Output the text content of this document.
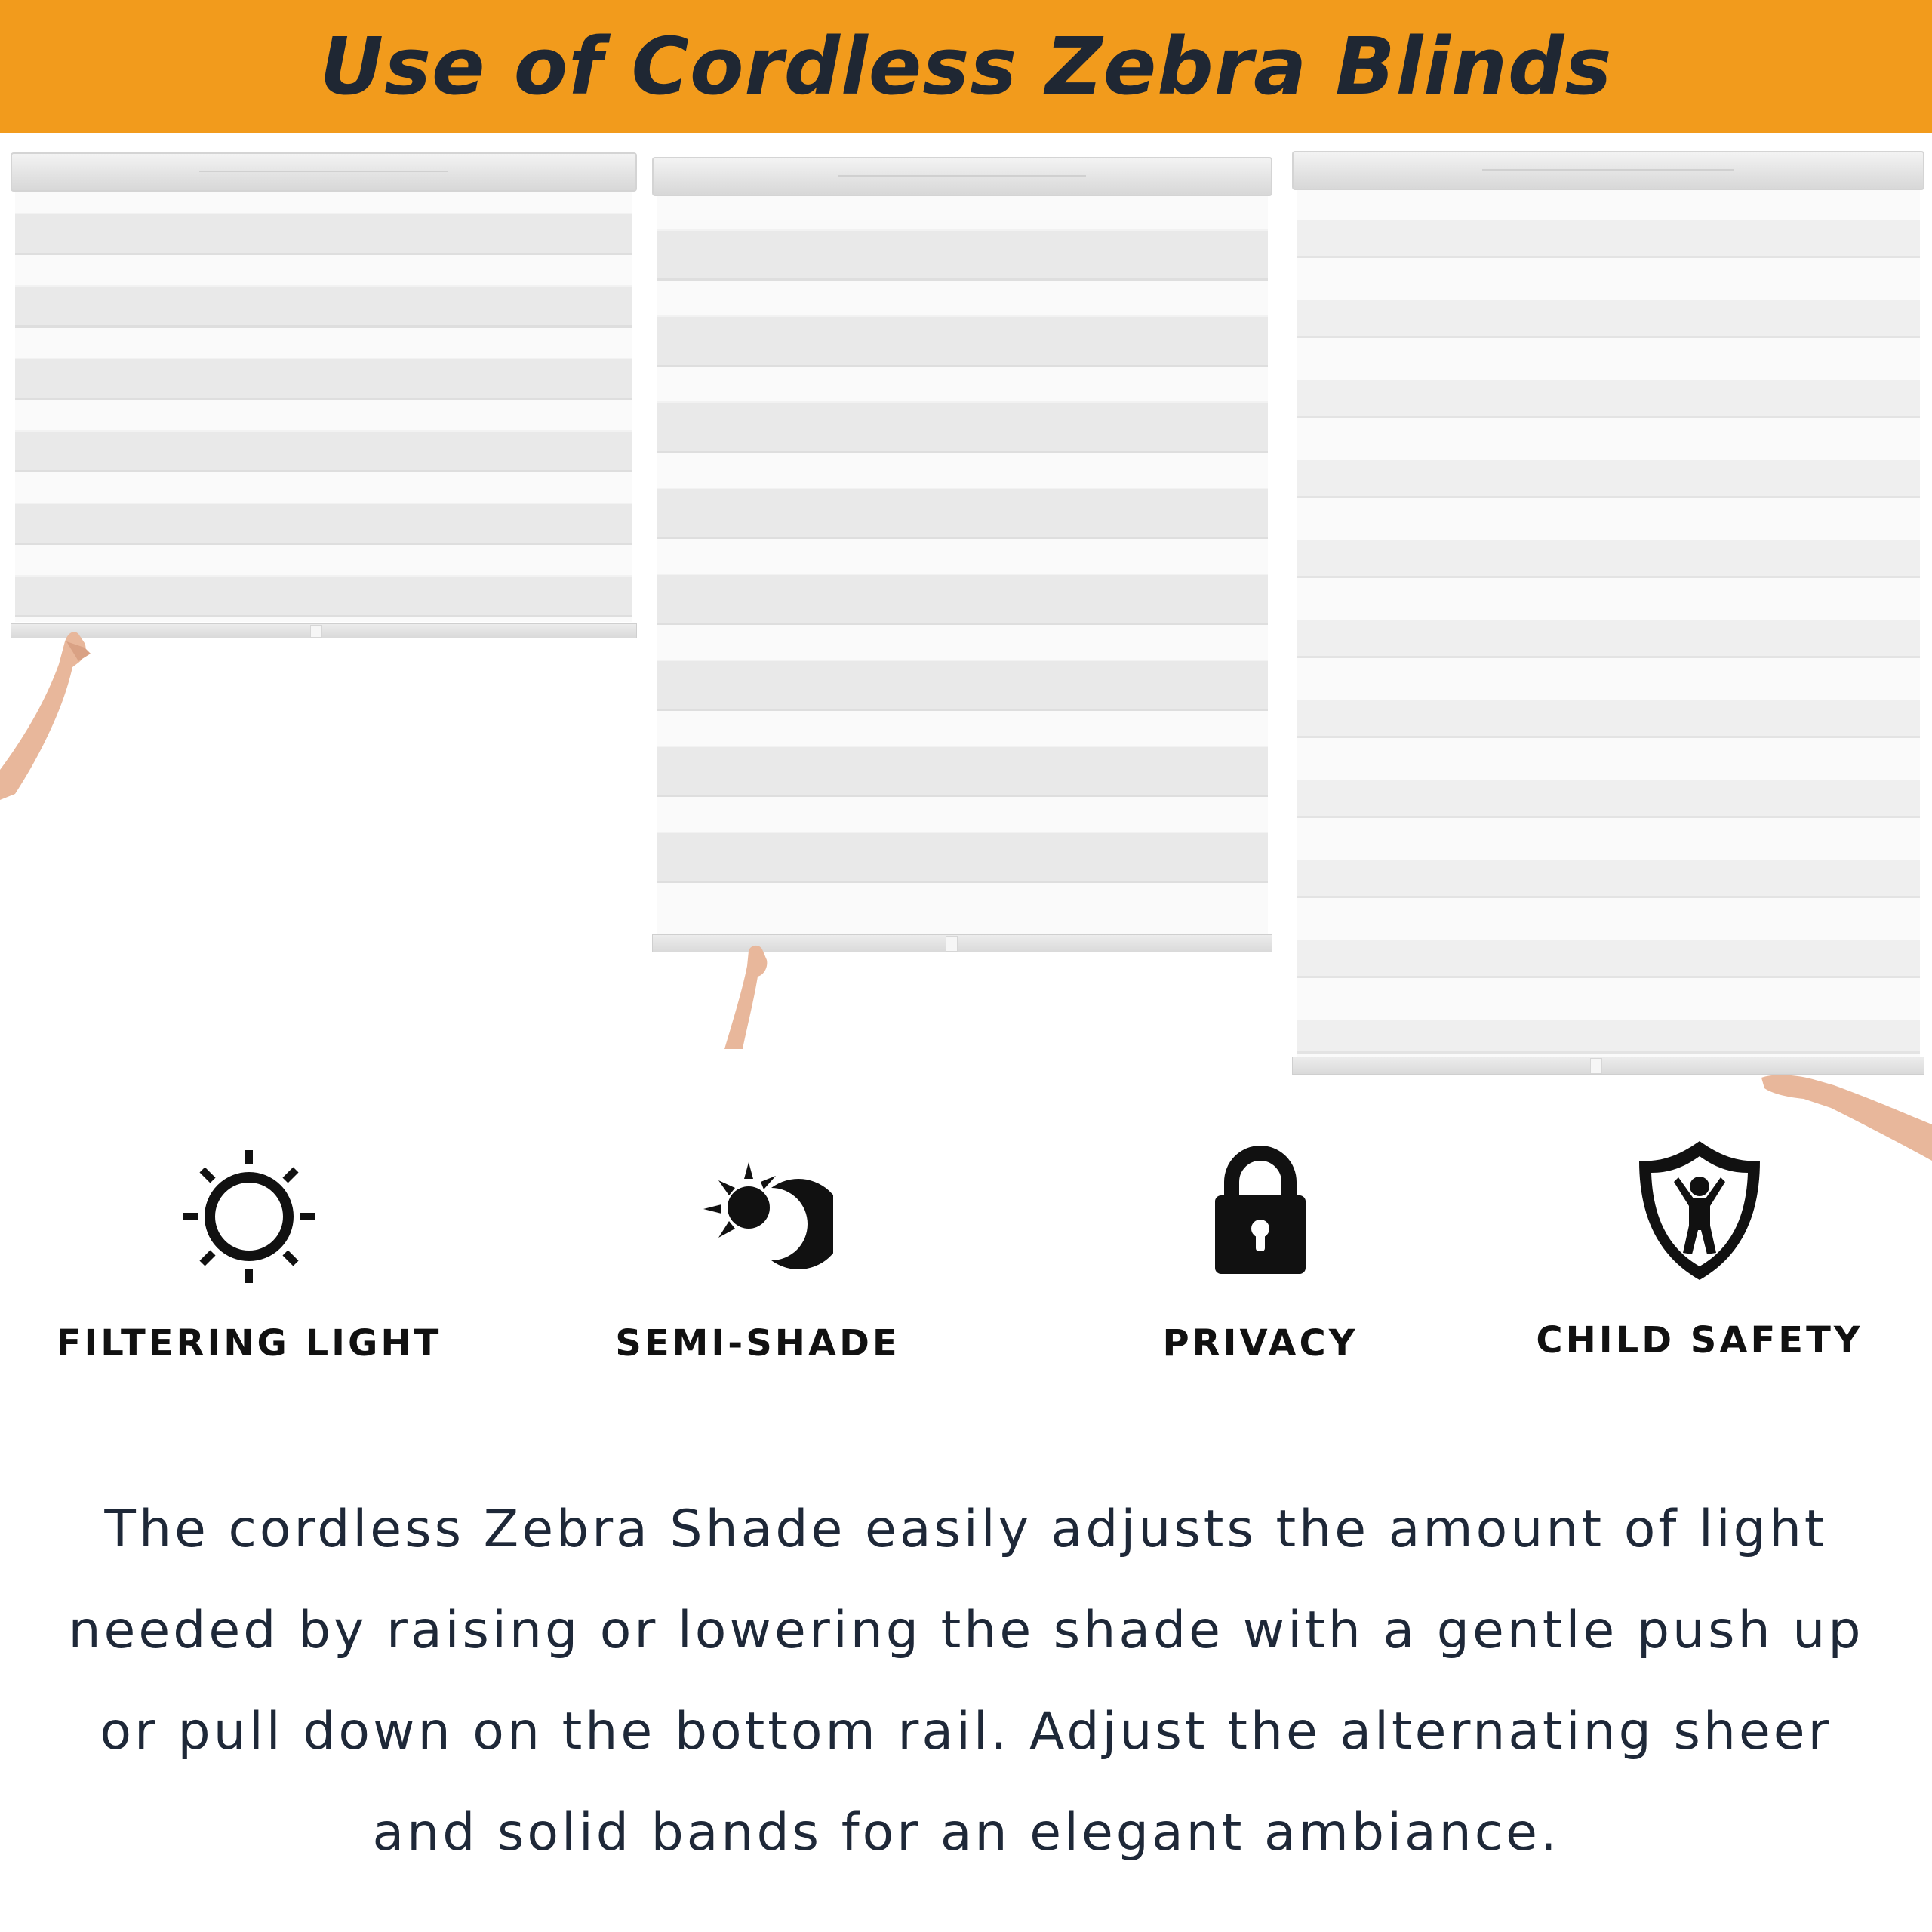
Use of Cordless Zebra Blinds
FILTERING LIGHT	SEMI-SHADE	PRIVACY	CHILD SAFETY

The cordless Zebra Shade easily adjusts the amount of light needed by raising or lowering the shade with a gentle push up or pull down on the bottom rail. Adjust the alternating sheer and solid bands for an elegant ambiance.
